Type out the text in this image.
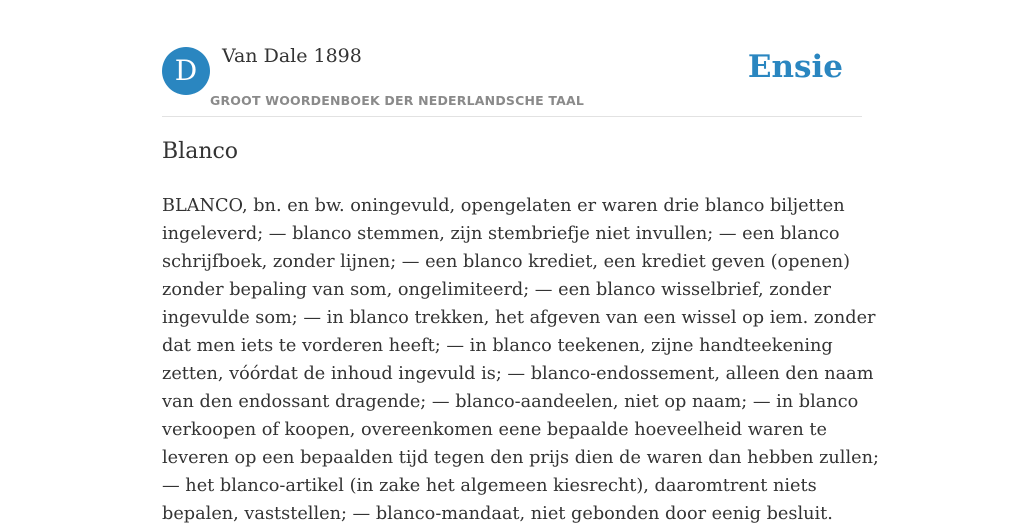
D	Van Dale 1898
GROOT WOORDENBOEK DER NEDERLANDSCHE TAAL
Ensie
Blanco

BLANCO, bn. en bw. oningevuld, opengelaten er waren drie blanco biljetten
ingeleverd; — blanco stemmen, zijn stembriefje niet invullen; — een blanco
schrijfboek, zonder lijnen; — een blanco krediet, een krediet geven (openen)
zonder bepaling van som, ongelimiteerd; — een blanco wisselbrief, zonder
ingevulde som; — in blanco trekken, het afgeven van een wissel op iem. zonder
dat men iets te vorderen heeft; — in blanco teekenen, zijne handteekening
zetten, vóórdat de inhoud ingevuld is; — blanco-endossement, alleen den naam
van den endossant dragende; — blanco-aandeelen, niet op naam; — in blanco
verkoopen of koopen, overeenkomen eene bepaalde hoeveelheid waren te
leveren op een bepaalden tijd tegen den prijs dien de waren dan hebben zullen;
— het blanco-artikel (in zake het algemeen kiesrecht), daaromtrent niets
bepalen, vaststellen; — blanco-mandaat, niet gebonden door eenig besluit.
